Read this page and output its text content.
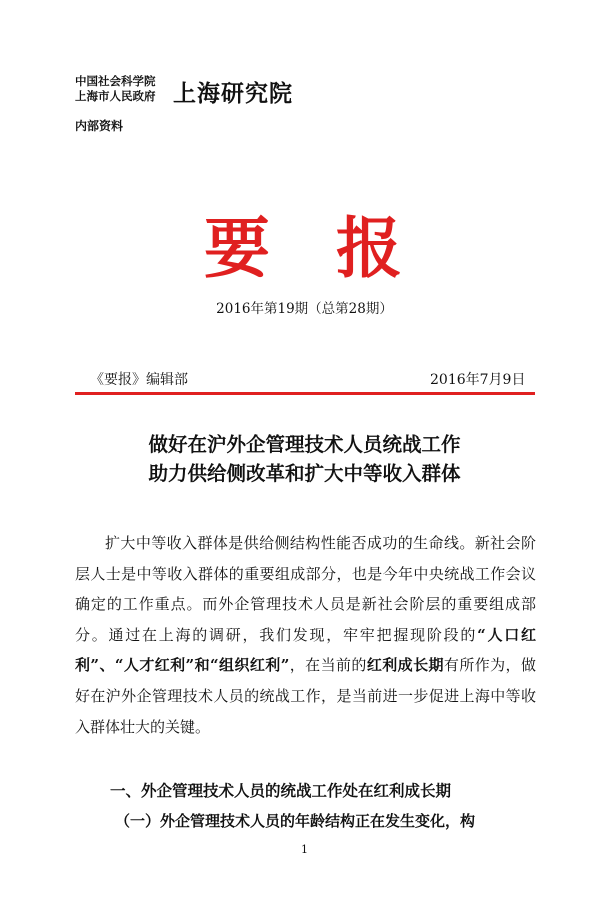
中国社会科学院
上海市人民政府 上海研究院
内部资料
要 报
2016年第19期（总第28期）
《要报》编辑部	2016年7月9日
做好在沪外企管理技术人员统战工作
助力供给侧改革和扩大中等收入群体

扩大中等收入群体是供给侧结构性能否成功的生命线。新社会阶层人士是中等收入群体的重要组成部分，也是今年中央统战工作会议确定的工作重点。而外企管理技术人员是新社会阶层的重要组成部分。通过在上海的调研，我们发现，牢牢把握现阶段的“人口红利”、“人才红利”和“组织红利”，在当前的红利成长期有所作为，做好在沪外企管理技术人员的统战工作，是当前进一步促进上海中等收入群体壮大的关键。

一、外企管理技术人员的统战工作处在红利成长期
（一）外企管理技术人员的年龄结构正在发生变化，构
1
